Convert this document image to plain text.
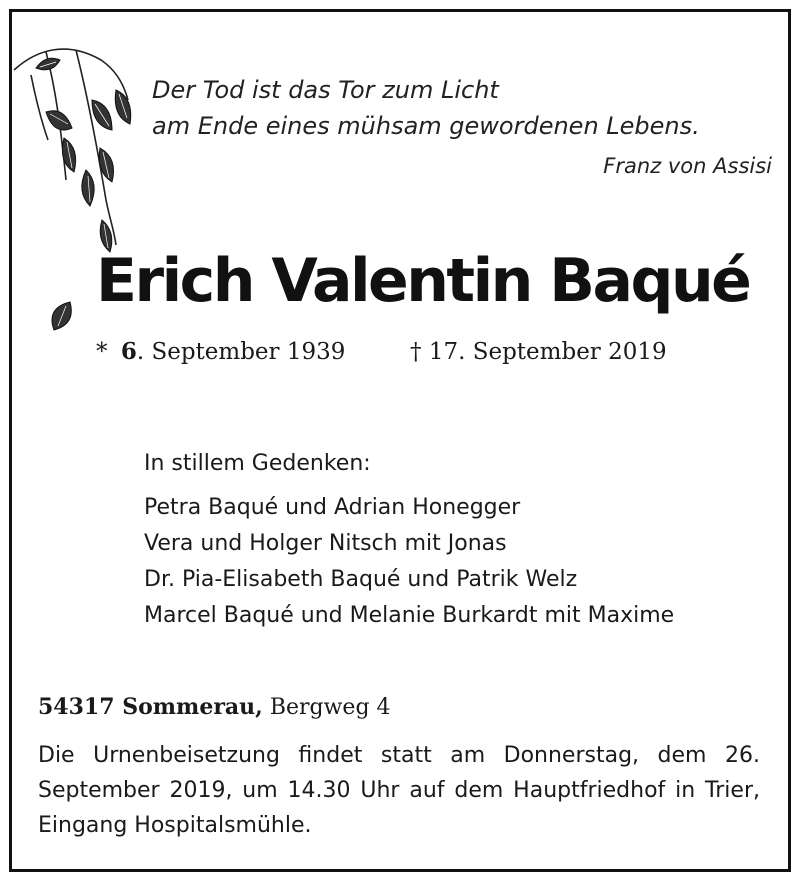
Der Tod ist das Tor zum Licht
am Ende eines mühsam gewordenen Lebens.
Franz von Assisi
Erich Valentin Baqué
* 6. September 1939	† 17. September 2019
In stillem Gedenken:
Petra Baqué und Adrian Honegger
Vera und Holger Nitsch mit Jonas
Dr. Pia-Elisabeth Baqué und Patrik Welz
Marcel Baqué und Melanie Burkardt mit Maxime
54317 Sommerau, Bergweg 4
Die Urnenbeisetzung findet statt am Donnerstag, dem 26. September 2019, um 14.30 Uhr auf dem Hauptfriedhof in Trier, Eingang Hospitalsmühle.
